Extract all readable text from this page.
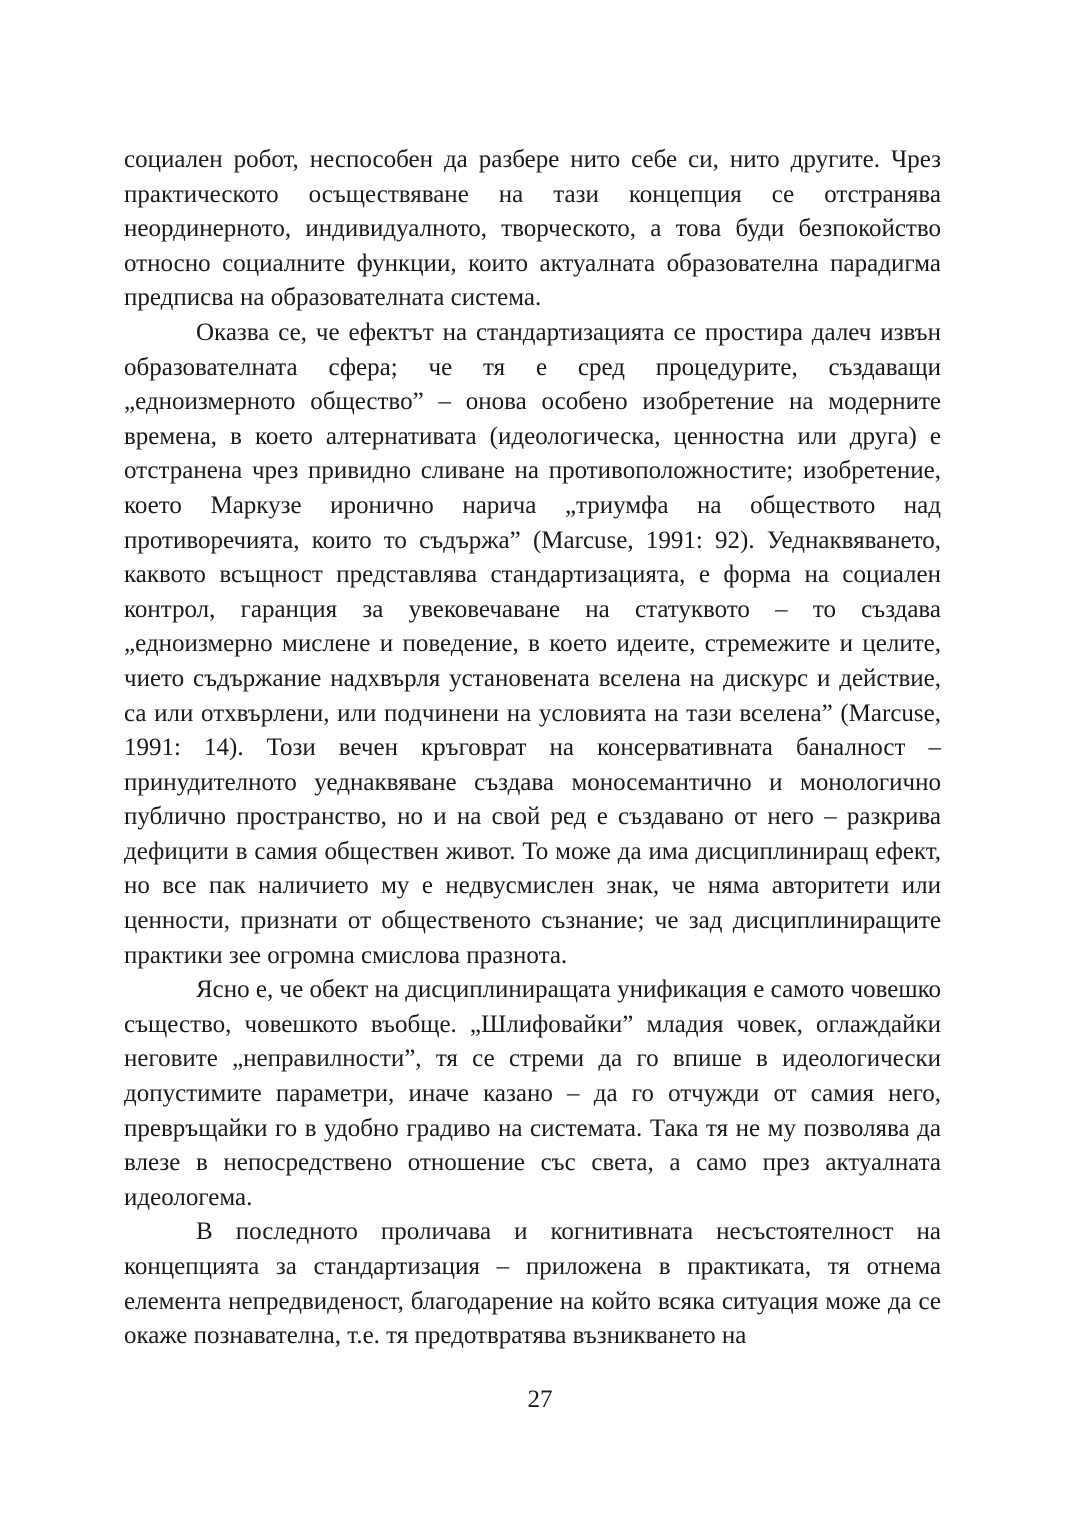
социален робот, неспособен да разбере нито себе си, нито другите. Чрез практическото осъществяване на тази концепция се отстранява неординерното, индивидуалното, творческото, а това буди безпокойство относно социалните функции, които актуалната образователна парадигма предписва на образователната система.

Оказва се, че ефектът на стандартизацията се простира далеч извън образователната сфера; че тя е сред процедурите, създаващи „едноизмерното общество” – онова особено изобретение на модерните времена, в което алтернативата (идеологическа, ценностна или друга) е отстранена чрез привидно сливане на противоположностите; изобретение, което Маркузе иронично нарича „триумфа на обществото над противоречията, които то съдържа” (Marcuse, 1991: 92). Уеднаквяването, каквото всъщност представлява стандартизацията, е форма на социален контрол, гаранция за увековечаване на статуквото – то създава „едноизмерно мислене и поведение, в което идеите, стремежите и целите, чието съдържание надхвърля установената вселена на дискурс и действие, са или отхвърлени, или подчинени на условията на тази вселена” (Marcuse, 1991: 14). Този вечен кръговрат на консервативната баналност – принудителното уеднаквяване създава моносемантично и монологично публично пространство, но и на свой ред е създавано от него – разкрива дефицити в самия обществен живот. То може да има дисциплиниращ ефект, но все пак наличието му е недвусмислен знак, че няма авторитети или ценности, признати от общественото съзнание; че зад дисциплиниращите практики зее огромна смислова празнота.

Ясно е, че обект на дисциплиниращата унификация е самото човешко същество, човешкото въобще. „Шлифовайки” младия човек, оглаждайки неговите „неправилности”, тя се стреми да го впише в идеологически допустимите параметри, иначе казано – да го отчужди от самия него, превръщайки го в удобно градиво на системата. Така тя не му позволява да влезе в непосредствено отношение със света, а само през актуалната идеологема.

В последното проличава и когнитивната несъстоятелност на концепцията за стандартизация – приложена в практиката, тя отнема елемента непредвиденост, благодарение на който всяка ситуация може да се окаже познавателна, т.е. тя предотвратява възникването на

27
